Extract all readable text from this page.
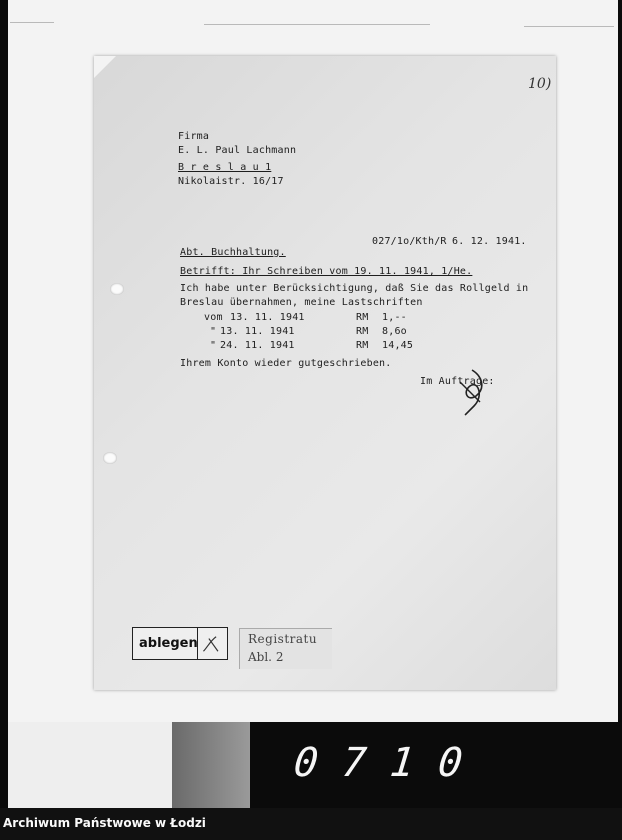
10)
Firma
E. L. Paul Lachmann
B r e s l a u 1
Nikolaistr. 16/17
Abt. Buchhaltung.
027/1o/Kth/R 6. 12. 1941.
Betrifft: Ihr Schreiben vom 19. 11. 1941, 1/He.
Ich habe unter Berücksichtigung, daß Sie das Rollgeld in
Breslau übernahmen, meine Lastschriften
vom 13. 11. 1941	RM 1,--
" 13. 11. 1941	RM 8,6o
" 24. 11. 1941	RM 14,45
Ihrem Konto wieder gutgeschrieben.
Im Auftrage:
ablegen	Registratu
Abl. 2
0710
Archiwum Państwowe w Łodzi
